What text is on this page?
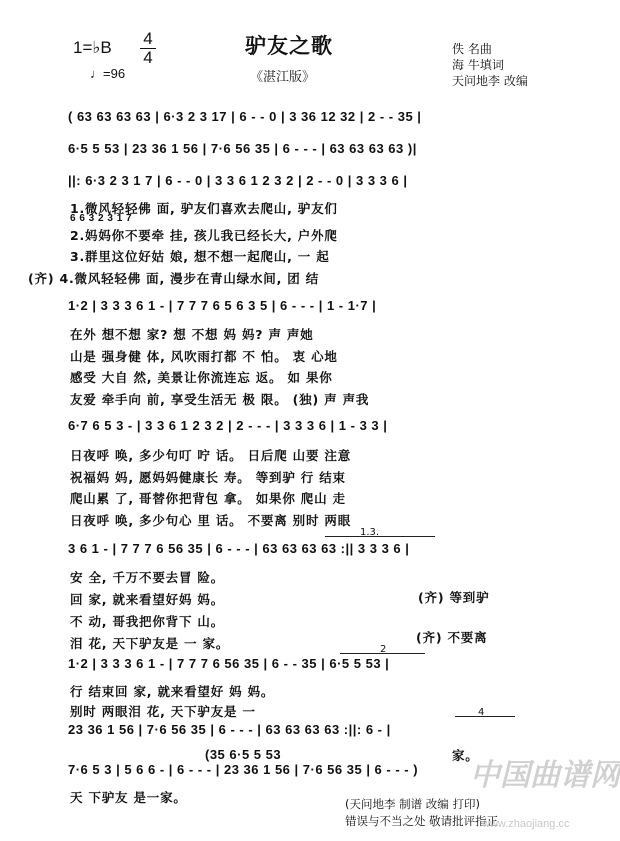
1=♭B 4
4
♩=96
驴友之歌
《湛江版》
佚 名曲
海 牛填词
天问地李 改编
( 63 63 63 63 | 6·3 2 3 17 | 6 - - 0 | 3 36 12 32 | 2 - - 35 |
6·5 5 53 | 23 36 1 56 | 7·6 56 35 | 6 - - - | 63 63 63 63 )|
||: 6·3 2 3 1 7 | 6 - - 0 | 3 3 6 1 2 3 2 | 2 - - 0 | 3 3 3 6 |
1.微风轻轻佛 面, 驴友们喜欢去爬山, 驴友们
6 6 3 2 3 1 7
2.妈妈你不要牵 挂, 孩儿我已经长大, 户外爬
3.群里这位好姑 娘, 想不想一起爬山, 一 起
(齐) 4.微风轻轻佛 面, 漫步在青山绿水间, 团 结
1·2 | 3 3 3 6 1 - | 7 7 7 6 5 6 3 5 | 6 - - - | 1 - 1·7 |
在外 想不想 家? 想 不想 妈 妈? 声 声她
山是 强身健 体, 风吹雨打都 不 怕。 衷 心地
感受 大自 然, 美景让你流连忘 返。 如 果你
友爱 牵手向 前, 享受生活无 极 限。 (独) 声 声我
6·7 6 5 3 - | 3 3 6 1 2 3 2 | 2 - - - | 3 3 3 6 | 1 - 3 3 |
日夜呼 唤, 多少句叮 咛 话。 日后爬 山要 注意
祝福妈 妈, 愿妈妈健康长 寿。 等到驴 行 结束
爬山累 了, 哥替你把背包 拿。 如果你 爬山 走
日夜呼 唤, 多少句心 里 话。 不要离 别时 两眼
3 6 1 - | 7 7 7 6 56 35 | 6 - - - | 63 63 63 63 :|| 3 3 3 6 |
安 全, 千万不要去冒 险。
回 家, 就来看望好妈 妈。
不 动, 哥我把你背下 山。
泪 花, 天下驴友是 一 家。
1·2 | 3 3 3 6 1 - | 7 7 7 6 56 35 | 6 - - 35 | 6·5 5 53 |
行 结束回 家, 就来看望好 妈 妈。
别时 两眼泪 花, 天下驴友是 一
23 36 1 56 | 7·6 56 35 | 6 - - - | 63 63 63 63 :||: 6 - |
(35 6·5 5 53
7·6 5 3 | 5 6 6 - | 6 - - - | 23 36 1 56 | 7·6 56 35 | 6 - - - )
天 下驴友 是一家。
1.3.
2
4
(齐) 等到驴
(齐) 不要离
家。
(天问地李 制谱 改编 打印)
错误与不当之处 敬请批评指正
中国曲谱网
www.zhaojiang.cc
